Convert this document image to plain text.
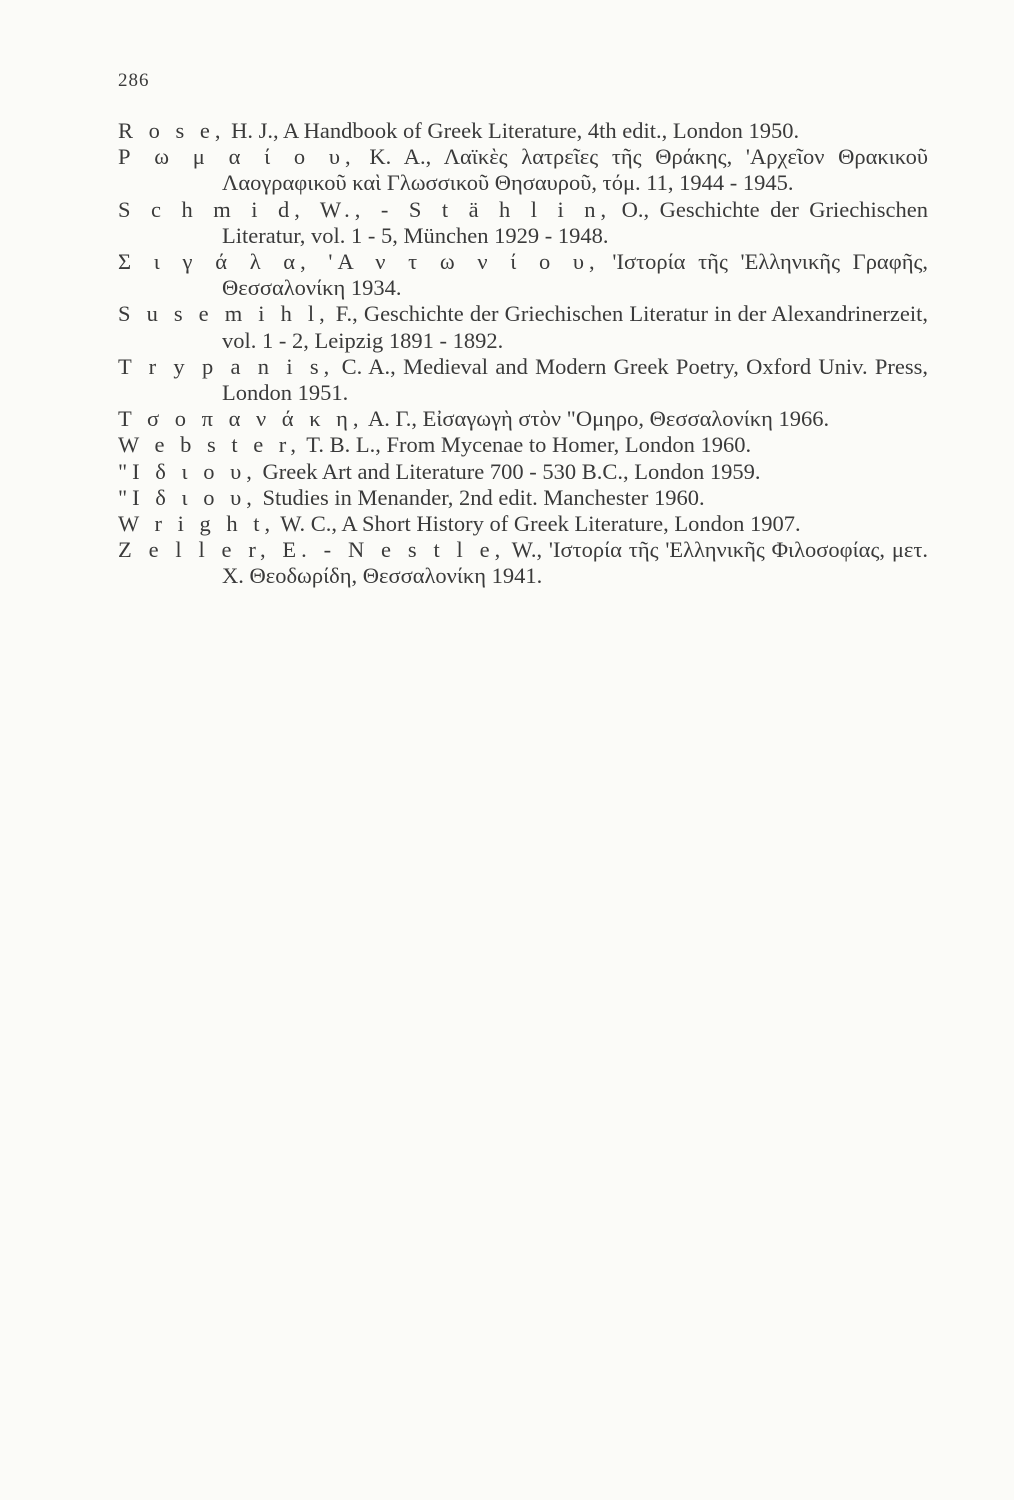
286

R o s e, H. J., A Handbook of Greek Literature, 4th edit., London 1950.

Ρ ω μ α ί ο υ, Κ. Α., Λαϊκὲς λατρεῖες τῆς Θράκης, 'Αρχεῖον Θρακικοῦ Λαογραφικοῦ καὶ Γλωσσικοῦ Θησαυροῦ, τόμ. 11, 1944 - 1945.

S c h m i d, W., - S t ä h l i n, O., Geschichte der Griechischen Literatur, vol. 1 - 5, München 1929 - 1948.

Σ ι γ ά λ α, 'Α ν τ ω ν ί ο υ, 'Ιστορία τῆς 'Ελληνικῆς Γραφῆς, Θεσσαλονίκη 1934.

S u s e m i h l, F., Geschichte der Griechischen Literatur in der Alexandrinerzeit, vol. 1 - 2, Leipzig 1891 - 1892.

T r y p a n i s, C. A., Medieval and Modern Greek Poetry, Oxford Univ. Press, London 1951.

Τ σ ο π α ν ά κ η, Α. Γ., Εἰσαγωγὴ στὸν "Ομηρο, Θεσσαλονίκη 1966.

W e b s t e r, T. B. L., From Mycenae to Homer, London 1960.

"Ι δ ι ο υ, Greek Art and Literature 700 - 530 B.C., London 1959.

"Ι δ ι ο υ, Studies in Menander, 2nd edit. Manchester 1960.

W r i g h t, W. C., A Short History of Greek Literature, London 1907.

Z e l l e r, E. - N e s t l e, W., 'Ιστορία τῆς 'Ελληνικῆς Φιλοσοφίας, μετ. Χ. Θεοδωρίδη, Θεσσαλονίκη 1941.
